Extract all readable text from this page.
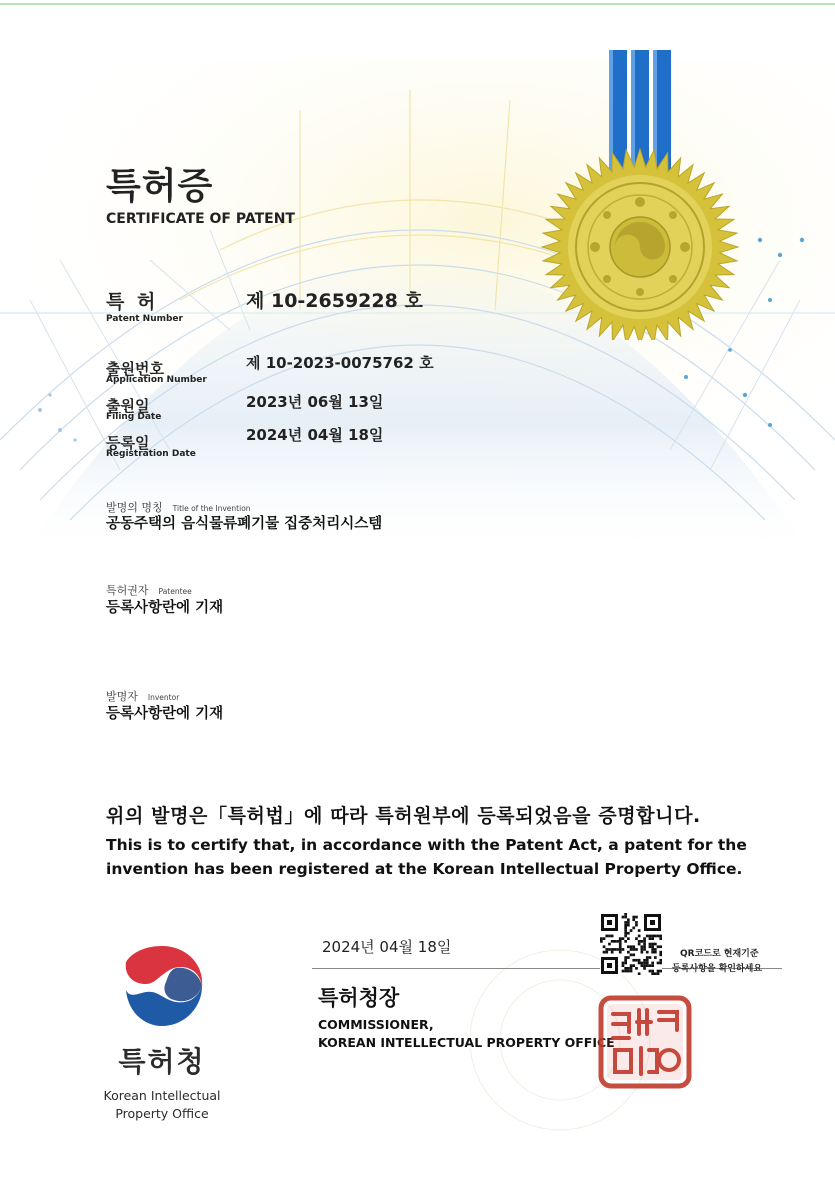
특허증
CERTIFICATE OF PATENT
특 허
Patent Number
제 10-2659228 호
출원번호
Application Number
제 10-2023-0075762 호
출원일
Filing Date
2023년 06월 13일
등록일
Registration Date
2024년 04월 18일
발명의 명칭 Title of the Invention
공동주택의 음식물류폐기물 집중처리시스템
특허권자 Patentee
등록사항란에 기재
발명자 Inventor
등록사항란에 기재
위의 발명은「특허법」에 따라 특허원부에 등록되었음을 증명합니다.
This is to certify that, in accordance with the Patent Act, a patent for the
invention has been registered at the Korean Intellectual Property Office.
2024년 04월 18일
특허청장
COMMISSIONER,
KOREAN INTELLECTUAL PROPERTY OFFICE
QR코드로 현재기준
등록사항을 확인하세요
특허청
Korean Intellectual Property Office
